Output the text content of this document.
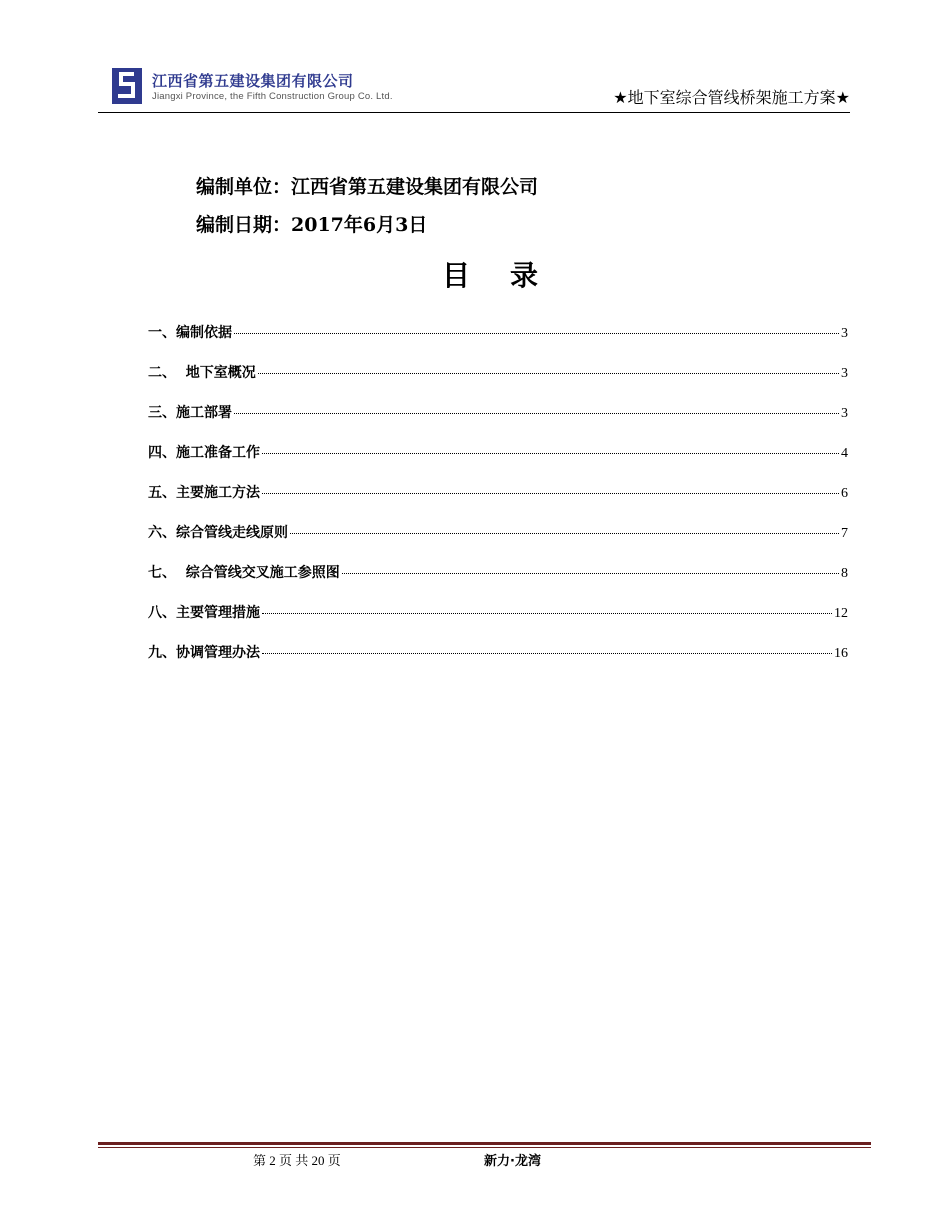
江西省第五建设集团有限公司
Jiangxi Province, the Fifth Construction Group Co. Ltd.	★地下室综合管线桥架施工方案★
编制单位：江西省第五建设集团有限公司
编制日期：2017年6月3日
目录
一、编制依据	3
二、  地下室概况	3
三、施工部署	3
四、施工准备工作	4
五、主要施工方法	6
六、综合管线走线原则	7
七、  综合管线交叉施工参照图	8
八、主要管理措施	12
九、协调管理办法	16
第 2 页 共 20 页	新力·龙湾
